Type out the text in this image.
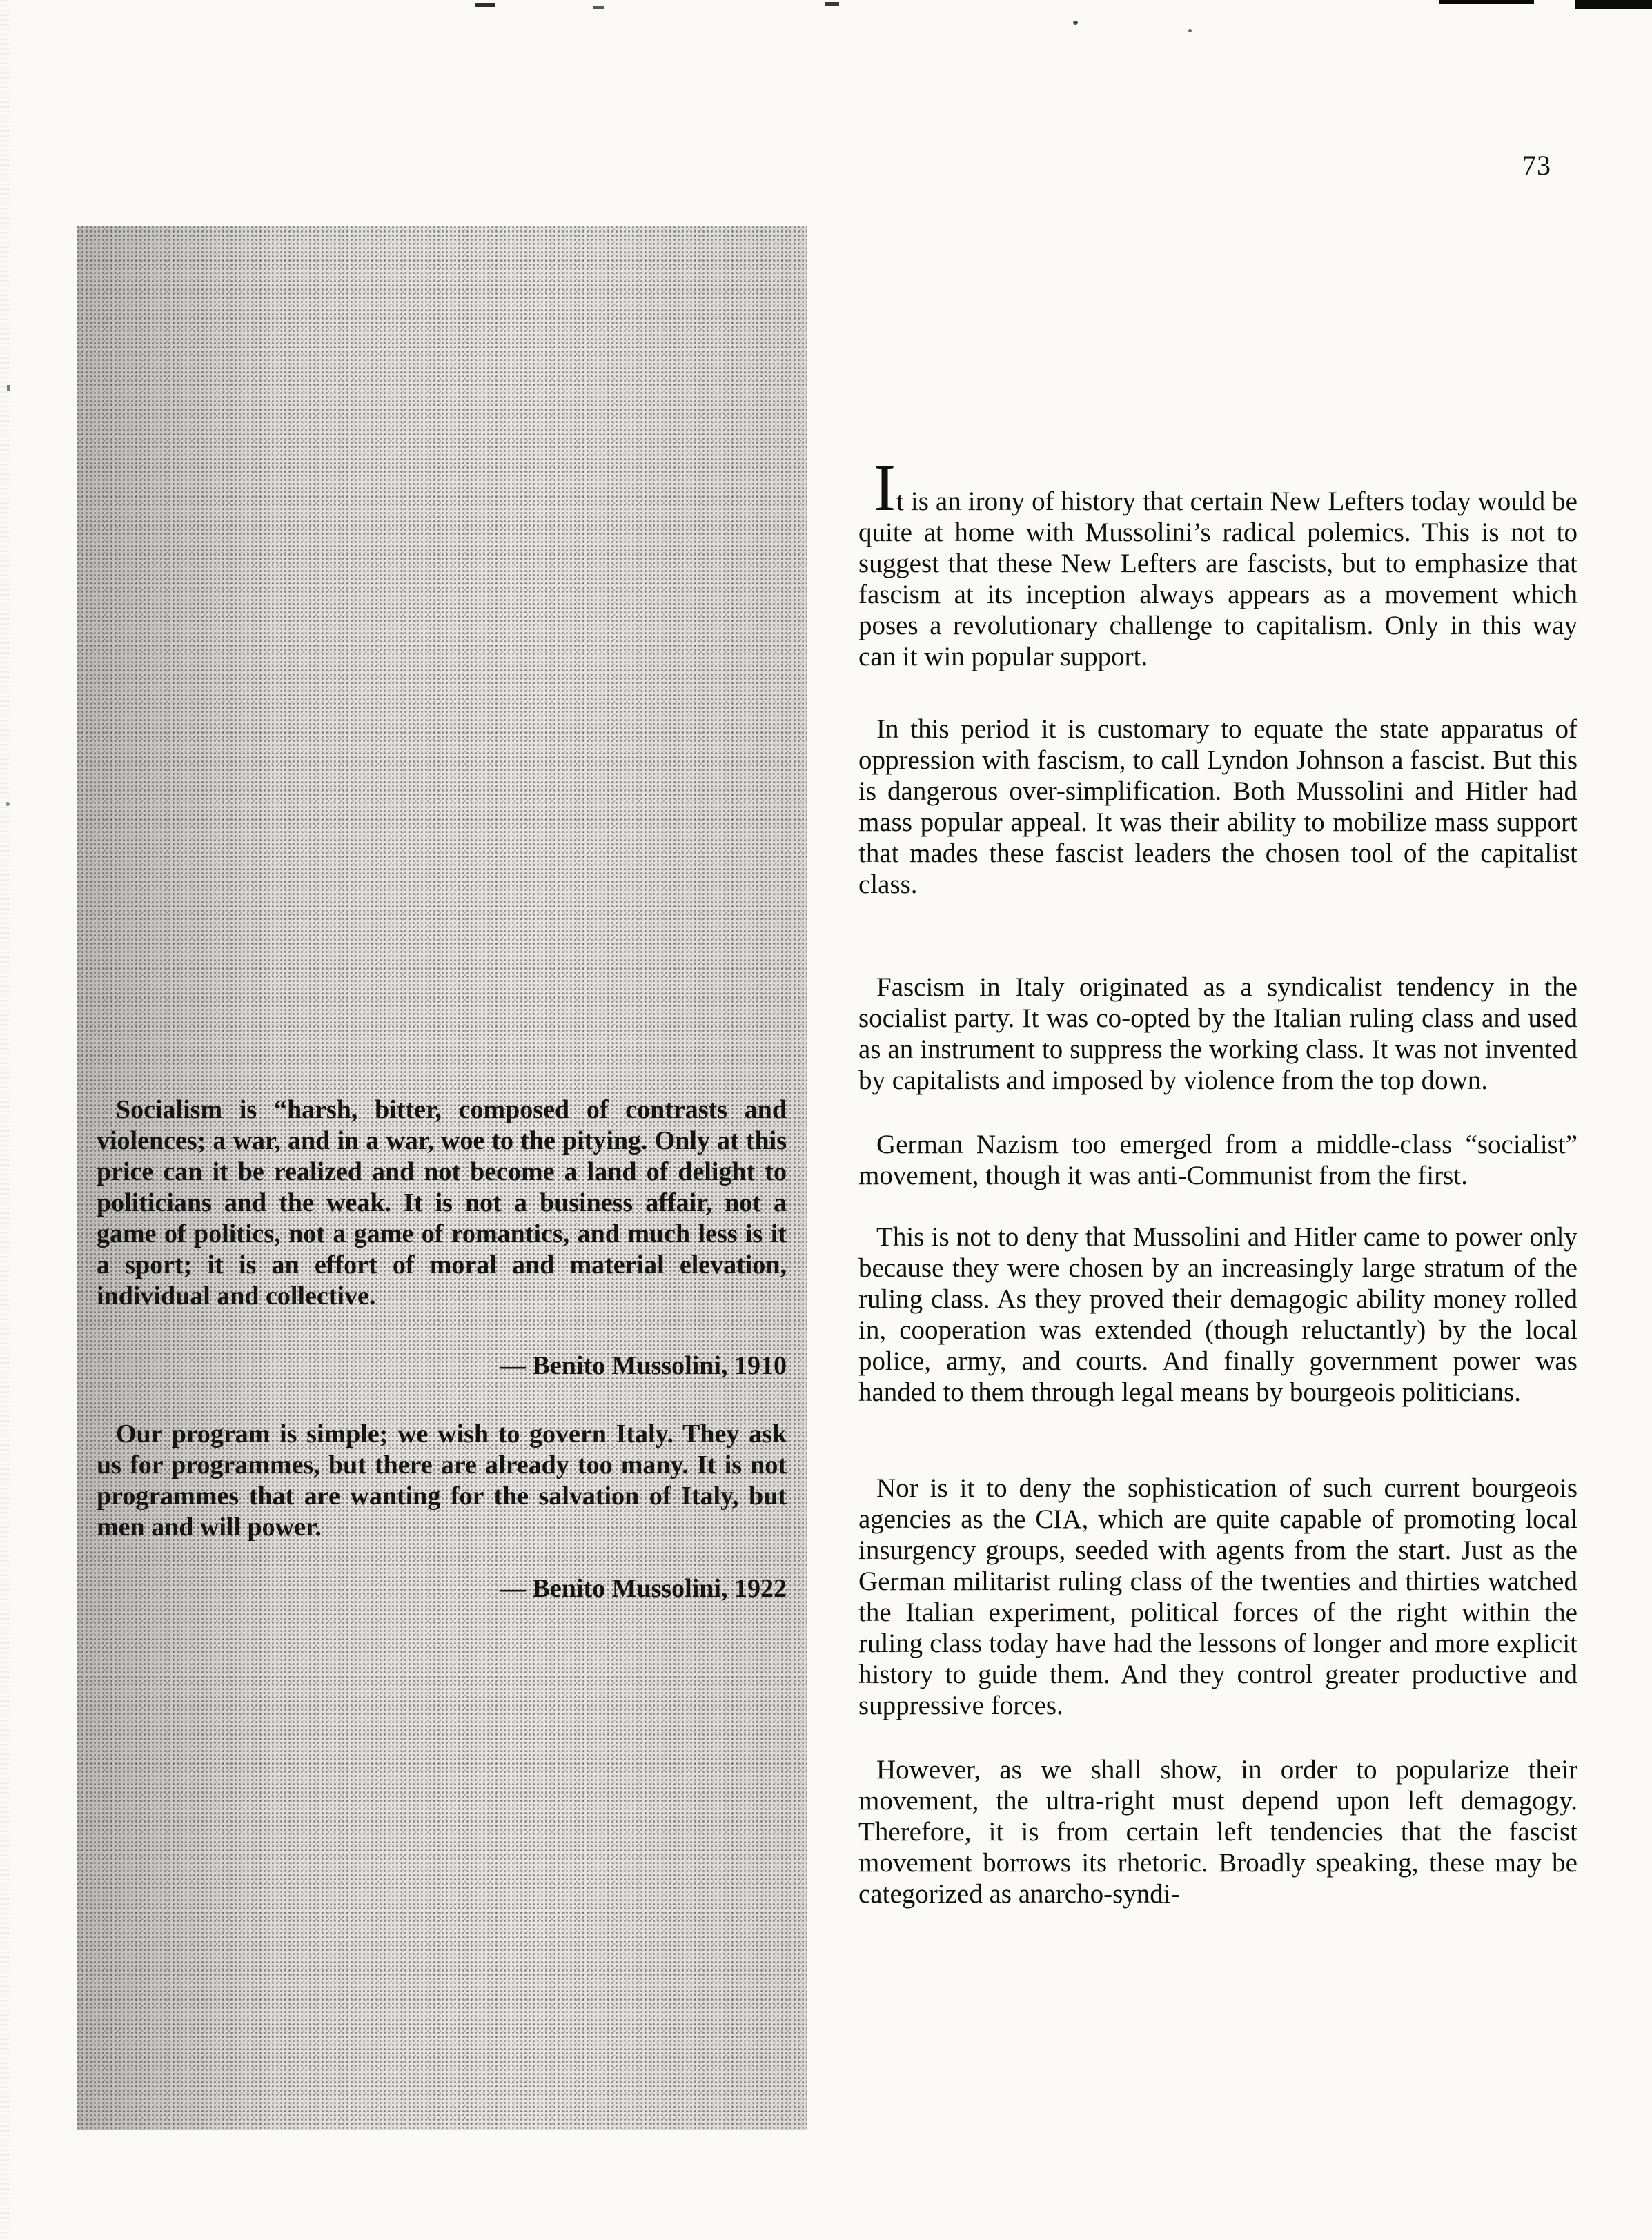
73

Socialism is “harsh, bitter, composed of contrasts and violences; a war, and in a war, woe to the pitying. Only at this price can it be realized and not become a land of delight to politicians and the weak. It is not a business affair, not a game of politics, not a game of romantics, and much less is it a sport; it is an effort of moral and material elevation, individual and collective.

— Benito Mussolini, 1910

Our program is simple; we wish to govern Italy. They ask us for programmes, but there are already too many. It is not programmes that are wanting for the salvation of Italy, but men and will power.

— Benito Mussolini, 1922

It is an irony of history that certain New Lefters today would be quite at home with Mussolini’s radical polemics. This is not to suggest that these New Lefters are fascists, but to emphasize that fascism at its inception always appears as a movement which poses a revolutionary challenge to capitalism. Only in this way can it win popular support.

In this period it is customary to equate the state apparatus of oppression with fascism, to call Lyndon Johnson a fascist. But this is dangerous over-simplification. Both Mussolini and Hitler had mass popular appeal. It was their ability to mobilize mass support that mades these fascist leaders the chosen tool of the capitalist class.

Fascism in Italy originated as a syndicalist tendency in the socialist party. It was co-opted by the Italian ruling class and used as an instrument to suppress the working class. It was not invented by capitalists and imposed by violence from the top down.

German Nazism too emerged from a middle-class “socialist” movement, though it was anti-Communist from the first.

This is not to deny that Mussolini and Hitler came to power only because they were chosen by an increasingly large stratum of the ruling class. As they proved their demagogic ability money rolled in, cooperation was extended (though reluctantly) by the local police, army, and courts. And finally government power was handed to them through legal means by bourgeois politicians.

Nor is it to deny the sophistication of such current bourgeois agencies as the CIA, which are quite capable of promoting local insurgency groups, seeded with agents from the start. Just as the German militarist ruling class of the twenties and thirties watched the Italian experiment, political forces of the right within the ruling class today have had the lessons of longer and more explicit history to guide them. And they control greater productive and suppressive forces.

However, as we shall show, in order to popularize their movement, the ultra-right must depend upon left demagogy. Therefore, it is from certain left tendencies that the fascist movement borrows its rhetoric. Broadly speaking, these may be categorized as anarcho-syndi-
